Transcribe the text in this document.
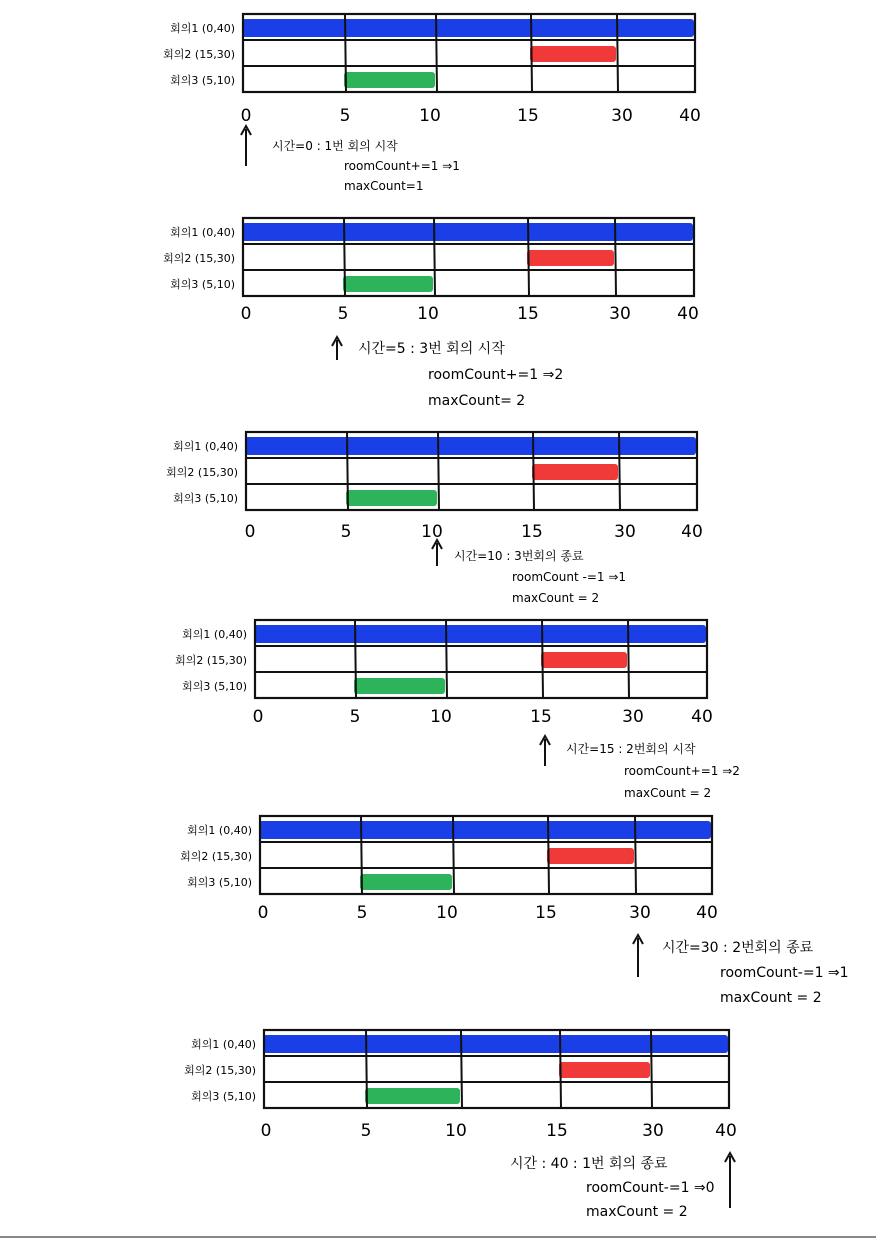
회의1 (0,40)
회의2 (15,30)
회의3 (5,10)
0	5	10	15	30	40
시간=0 : 1번 회의 시작
roomCount+=1 ⇒1
maxCount=1
회의1 (0,40)
회의2 (15,30)
회의3 (5,10)
0	5	10	15	30	40
시간=5 : 3번 회의 시작
roomCount+=1 ⇒2
maxCount= 2
회의1 (0,40)
회의2 (15,30)
회의3 (5,10)
0	5	10	15	30	40
시간=10 : 3번회의 종료
roomCount -=1 ⇒1
maxCount = 2
회의1 (0,40)
회의2 (15,30)
회의3 (5,10)
0	5	10	15	30	40
시간=15 : 2번회의 시작
roomCount+=1 ⇒2
maxCount = 2
회의1 (0,40)
회의2 (15,30)
회의3 (5,10)
0	5	10	15	30	40
시간=30 : 2번회의 종료
roomCount-=1 ⇒1
maxCount = 2
회의1 (0,40)
회의2 (15,30)
회의3 (5,10)
0	5	10	15	30	40
시간 : 40 : 1번 회의 종료
roomCount-=1 ⇒0
maxCount = 2
